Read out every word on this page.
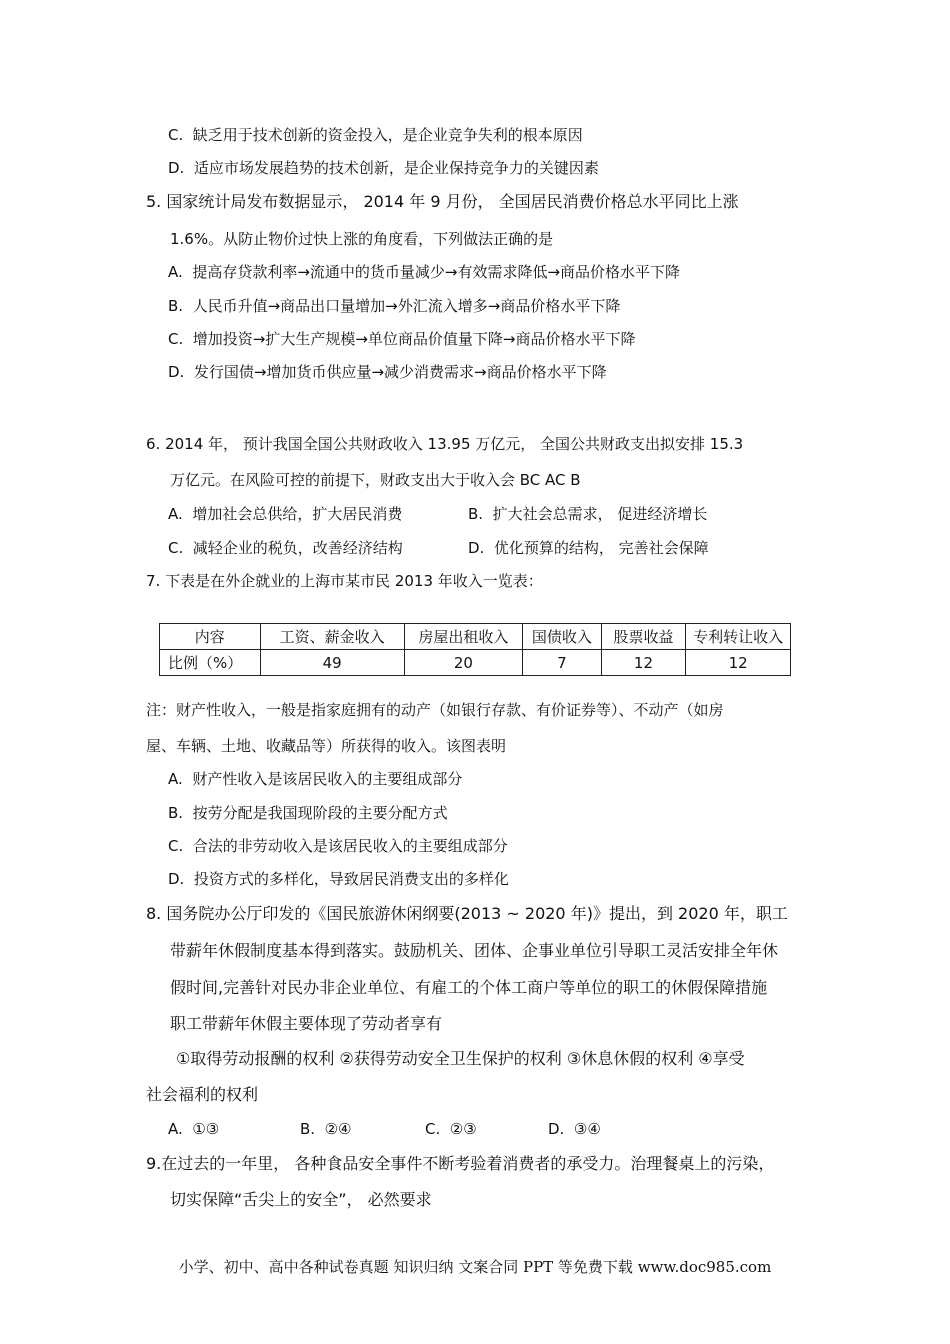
C. 缺乏用于技术创新的资金投入，是企业竞争失利的根本原因
D. 适应市场发展趋势的技术创新，是企业保持竞争力的关键因素
5. 国家统计局发布数据显示， 2014 年 9 月份， 全国居民消费价格总水平同比上涨
1.6%。从防止物价过快上涨的角度看，下列做法正确的是
A. 提高存贷款利率→流通中的货币量减少→有效需求降低→商品价格水平下降
B. 人民币升值→商品出口量增加→外汇流入增多→商品价格水平下降
C. 增加投资→扩大生产规模→单位商品价值量下降→商品价格水平下降
D. 发行国债→增加货币供应量→减少消费需求→商品价格水平下降
6. 2014 年， 预计我国全国公共财政收入 13.95 万亿元， 全国公共财政支出拟安排 15.3
万亿元。在风险可控的前提下，财政支出大于收入会 BC AC B
A. 增加社会总供给，扩大居民消费	B. 扩大社会总需求， 促进经济增长
C. 减轻企业的税负，改善经济结构	D. 优化预算的结构， 完善社会保障
7. 下表是在外企就业的上海市某市民 2013 年收入一览表：
内容	工资、薪金收入	房屋出租收入	国债收入	股票收益	专利转让收入
比例（%）	49	20	7	12	12
注：财产性收入，一般是指家庭拥有的动产（如银行存款、有价证券等）、不动产（如房
屋、车辆、土地、收藏品等）所获得的收入。该图表明
A. 财产性收入是该居民收入的主要组成部分
B. 按劳分配是我国现阶段的主要分配方式
C. 合法的非劳动收入是该居民收入的主要组成部分
D. 投资方式的多样化，导致居民消费支出的多样化
8. 国务院办公厅印发的《国民旅游休闲纲要(2013 ~ 2020 年)》提出，到 2020 年，职工
带薪年休假制度基本得到落实。鼓励机关、团体、企事业单位引导职工灵活安排全年休
假时间,完善针对民办非企业单位、有雇工的个体工商户等单位的职工的休假保障措施
职工带薪年休假主要体现了劳动者享有
①取得劳动报酬的权利 ②获得劳动安全卫生保护的权利 ③休息休假的权利 ④享受
社会福利的权利
A. ①③	B. ②④	C. ②③	D. ③④
9.在过去的一年里， 各种食品安全事件不断考验着消费者的承受力。治理餐桌上的污染，
切实保障“舌尖上的安全”， 必然要求
小学、初中、高中各种试卷真题 知识归纳 文案合同 PPT 等免费下载 www.doc985.com
